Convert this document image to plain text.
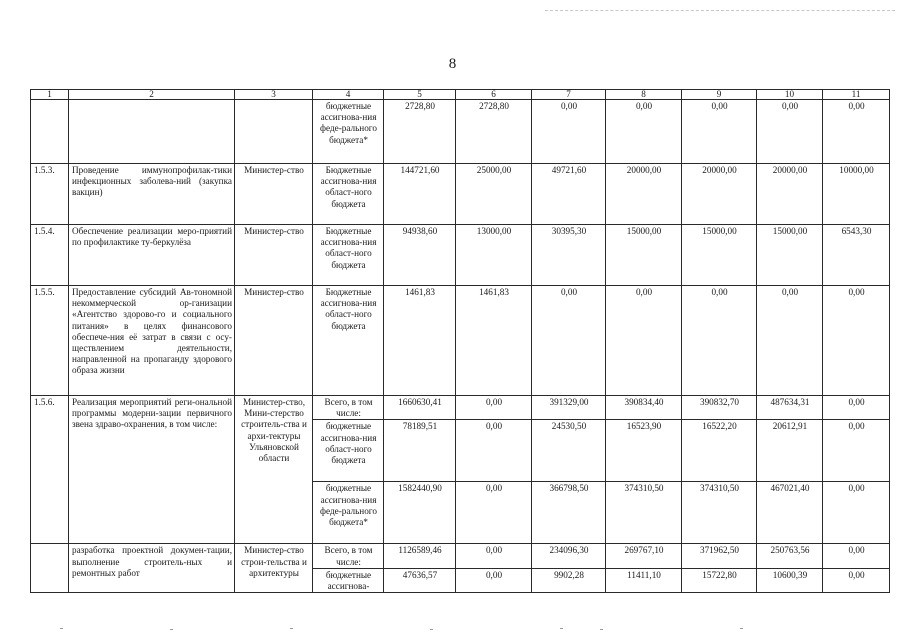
8
1	2	3	4	5	6	7	8	9	10	11
			бюджетные ассигнова-ния феде-рального бюджета*	2728,80	2728,80	0,00	0,00	0,00	0,00	0,00
1.5.3.	Проведение иммунопрофилак-тики инфекционных заболева-ний (закупка вакцин)	Министер-ство	Бюджетные ассигнова-ния област-ного бюджета	144721,60	25000,00	49721,60	20000,00	20000,00	20000,00	10000,00
1.5.4.	Обеспечение реализации меро-приятий по профилактике ту-беркулёза	Министер-ство	Бюджетные ассигнова-ния област-ного бюджета	94938,60	13000,00	30395,30	15000,00	15000,00	15000,00	6543,30
1.5.5.	Предоставление субсидий Ав-тономной некоммерческой ор-ганизации «Агентство здорово-го и социального питания» в целях финансового обеспече-ния её затрат в связи с осу-ществлением деятельности, направленной на пропаганду здорового образа жизни	Министер-ство	Бюджетные ассигнова-ния област-ного бюджета	1461,83	1461,83	0,00	0,00	0,00	0,00	0,00
1.5.6.	Реализация мероприятий реги-ональной программы модерни-зации первичного звена здраво-охранения, в том числе:	Министер-ство, Мини-стерство строитель-ства и архи-тектуры Ульяновской области	Всего, в том числе:	1660630,41	0,00	391329,00	390834,40	390832,70	487634,31	0,00
			бюджетные ассигнова-ния област-ного бюджета	78189,51	0,00	24530,50	16523,90	16522,20	20612,91	0,00
			бюджетные ассигнова-ния феде-рального бюджета*	1582440,90	0,00	366798,50	374310,50	374310,50	467021,40	0,00
	разработка проектной докумен-тации, выполнение строитель-ных и ремонтных работ	Министер-ство строи-тельства и архитектуры	Всего, в том числе:	1126589,46	0,00	234096,30	269767,10	371962,50	250763,56	0,00
			бюджетные ассигнова-	47636,57	0,00	9902,28	11411,10	15722,80	10600,39	0,00
